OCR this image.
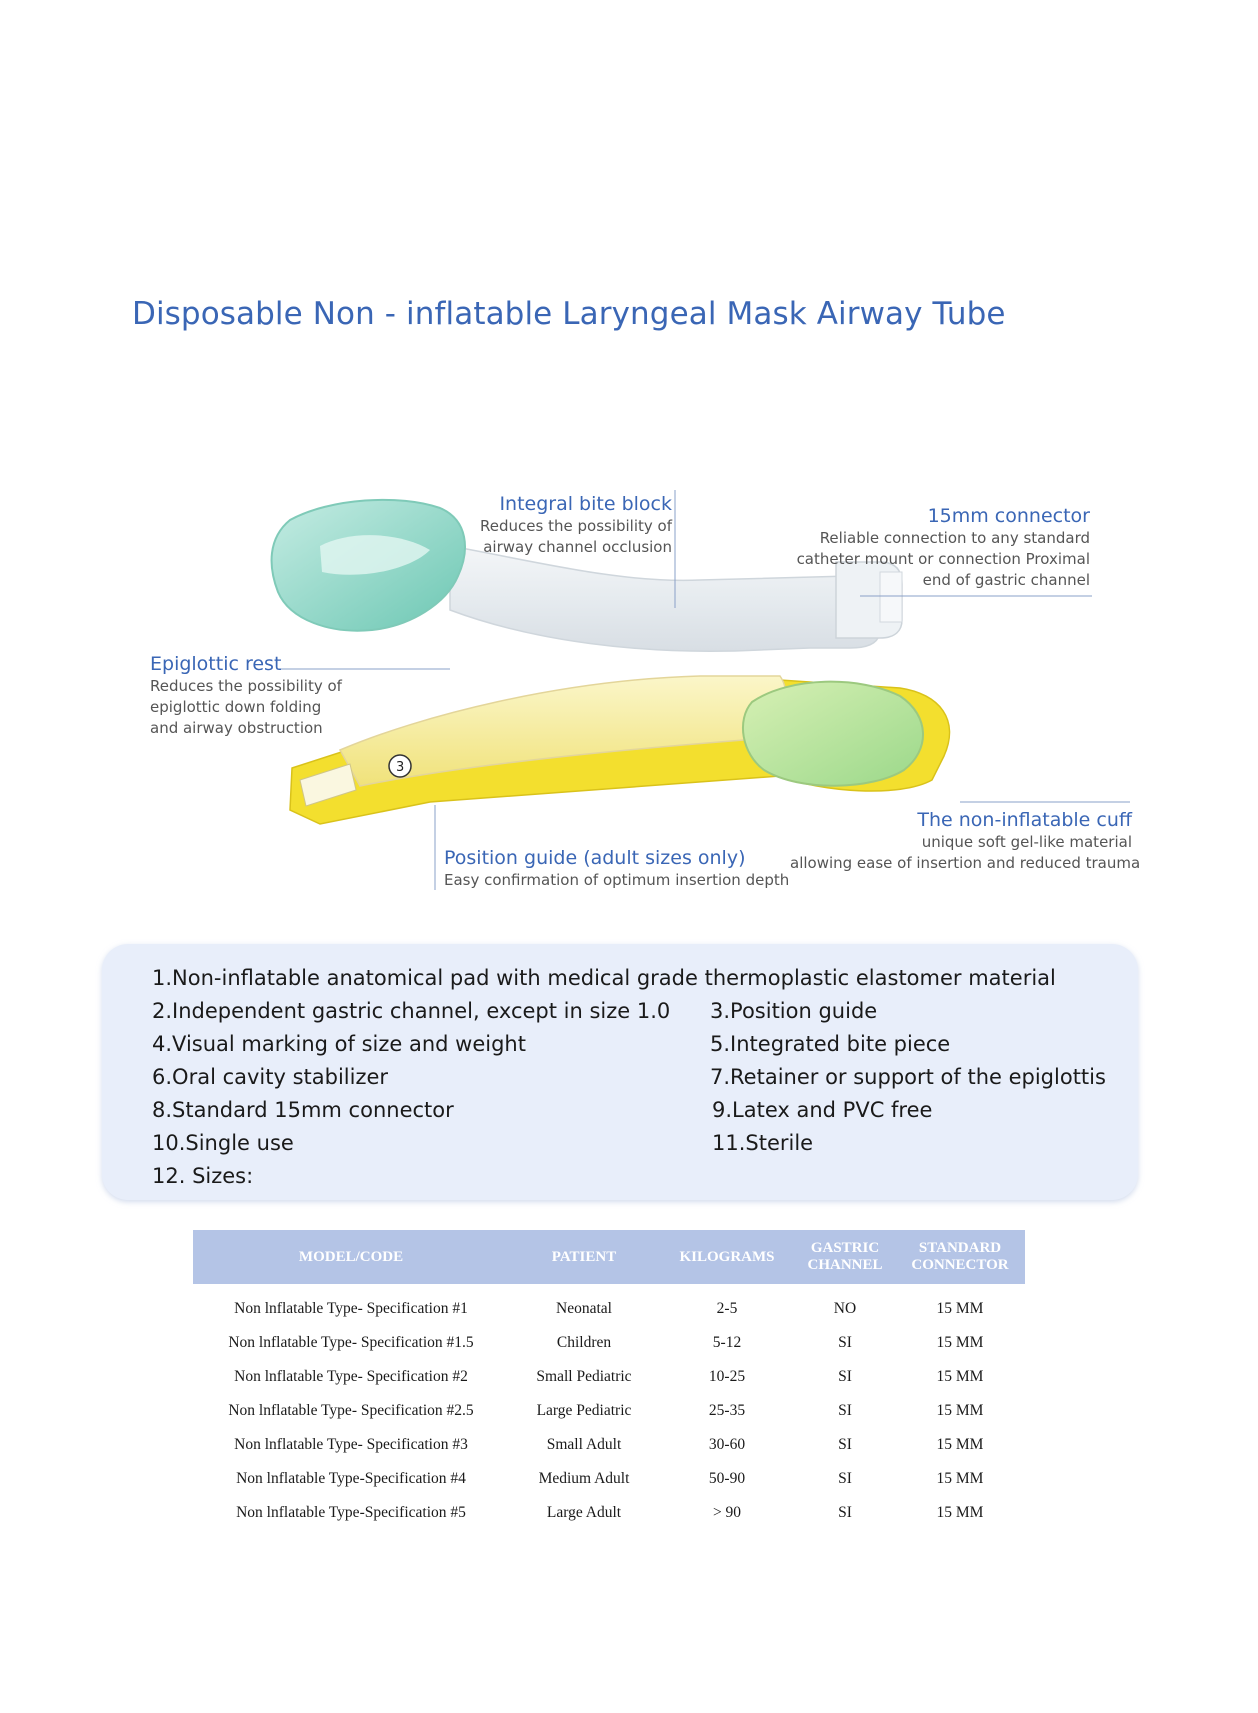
Disposable Non - inflatable Laryngeal Mask Airway Tube
3
Integral bite block
Reduces the possibility of
airway channel occlusion
15mm connector
Reliable connection to any standard
catheter mount or connection Proximal
end of gastric channel
Epiglottic rest
Reduces the possibility of
epiglottic down folding
and airway obstruction
The non-inflatable cuff
unique soft gel-like material
allowing ease of insertion and reduced trauma
Position guide (adult sizes only)
Easy confirmation of optimum insertion depth
1.Non-inflatable anatomical pad with medical grade thermoplastic elastomer material
2.Independent gastric channel, except in size 1.0 3.Position guide
4.Visual marking of size and weight	5.Integrated bite piece
6.Oral cavity stabilizer	7.Retainer or support of the epiglottis
8.Standard 15mm connector	9.Latex and PVC free
10.Single use	11.Sterile
12. Sizes:
MODEL/CODE	PATIENT	KILOGRAMS	GASTRIC CHANNEL	STANDARD CONNECTOR
Non lnflatable Type- Specification #1	Neonatal	2-5	NO	15 MM
Non lnflatable Type- Specification #1.5	Children	5-12	SI	15 MM
Non lnflatable Type- Specification #2	Small Pediatric	10-25	SI	15 MM
Non lnflatable Type- Specification #2.5	Large Pediatric	25-35	SI	15 MM
Non lnflatable Type- Specification #3	Small Adult	30-60	SI	15 MM
Non lnflatable Type-Specification #4	Medium Adult	50-90	SI	15 MM
Non lnflatable Type-Specification #5	Large Adult	> 90	SI	15 MM
